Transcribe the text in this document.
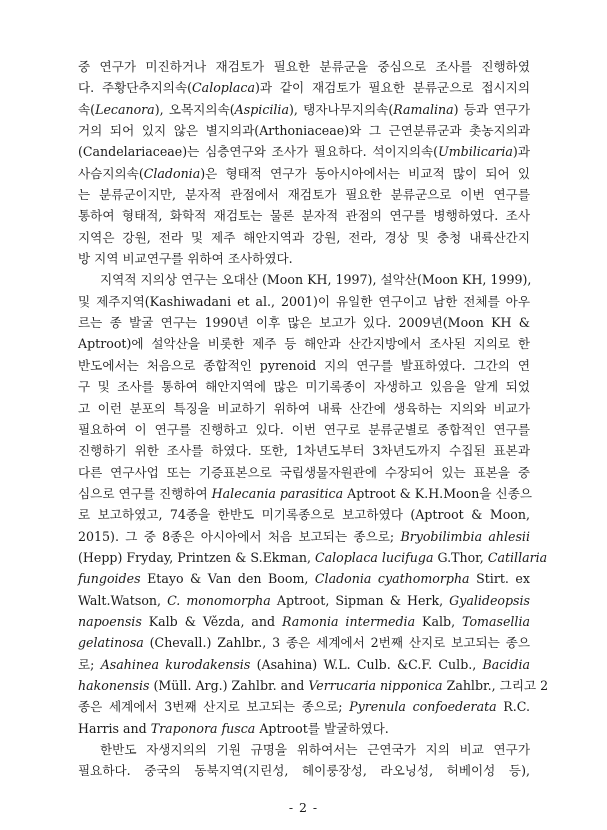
중 연구가 미진하거나 재검토가 필요한 분류군을 중심으로 조사를 진행하였
다. 주황단추지의속(Caloplaca)과 같이 재검토가 필요한 분류군으로 접시지의
속(Lecanora), 오목지의속(Aspicilia), 탱자나무지의속(Ramalina) 등과 연구가
거의 되어 있지 않은 별지의과(Arthoniaceae)와 그 근연분류군과 촛농지의과
(Candelariaceae)는 심층연구와 조사가 필요하다. 석이지의속(Umbilicaria)과
사슴지의속(Cladonia)은 형태적 연구가 동아시아에서는 비교적 많이 되어 있
는 분류군이지만, 분자적 관점에서 재검토가 필요한 분류군으로 이번 연구를
통하여 형태적, 화학적 재검토는 물론 분자적 관점의 연구를 병행하였다. 조사
지역은 강원, 전라 및 제주 해안지역과 강원, 전라, 경상 및 충청 내륙산간지
방 지역 비교연구를 위하여 조사하였다.
지역적 지의상 연구는 오대산 (Moon KH, 1997), 설악산(Moon KH, 1999),
및 제주지역(Kashiwadani et al., 2001)이 유일한 연구이고 남한 전체를 아우
르는 종 발굴 연구는 1990년 이후 많은 보고가 있다. 2009년(Moon KH &
Aptroot)에 설악산을 비롯한 제주 등 해안과 산간지방에서 조사된 지의로 한
반도에서는 처음으로 종합적인 pyrenoid 지의 연구를 발표하였다. 그간의 연
구 및 조사를 통하여 해안지역에 많은 미기록종이 자생하고 있음을 알게 되었
고 이런 분포의 특징을 비교하기 위하여 내륙 산간에 생육하는 지의와 비교가
필요하여 이 연구를 진행하고 있다. 이번 연구로 분류군별로 종합적인 연구를
진행하기 위한 조사를 하였다. 또한, 1차년도부터 3차년도까지 수집된 표본과
다른 연구사업 또는 기증표본으로 국립생물자원관에 수장되어 있는 표본을 중
심으로 연구를 진행하여 Halecania parasitica Aptroot & K.H.Moon을 신종으
로 보고하였고, 74종을 한반도 미기록종으로 보고하였다 (Aptroot & Moon,
2015). 그 중 8종은 아시아에서 처음 보고되는 종으로; Bryobilimbia ahlesii
(Hepp) Fryday, Printzen & S.Ekman, Caloplaca lucifuga G.Thor, Catillaria
fungoides Etayo & Van den Boom, Cladonia cyathomorpha Stirt. ex
Walt.Watson, C. monomorpha Aptroot, Sipman & Herk, Gyalideopsis
napoensis Kalb & Vězda, and Ramonia intermedia Kalb, Tomasellia
gelatinosa (Chevall.) Zahlbr., 3 종은 세계에서 2번째 산지로 보고되는 종으
로; Asahinea kurodakensis (Asahina) W.L. Culb. &C.F. Culb., Bacidia
hakonensis (Müll. Arg.) Zahlbr. and Verrucaria nipponica Zahlbr., 그리고 2
종은 세계에서 3번째 산지로 보고되는 종으로; Pyrenula confoederata R.C.
Harris and Traponora fusca Aptroot를 발굴하였다.
한반도 자생지의의 기원 규명을 위하여서는 근연국가 지의 비교 연구가
필요하다. 중국의 동북지역(지린성, 헤이룽장성, 라오닝성, 허베이성 등),
- 2 -
